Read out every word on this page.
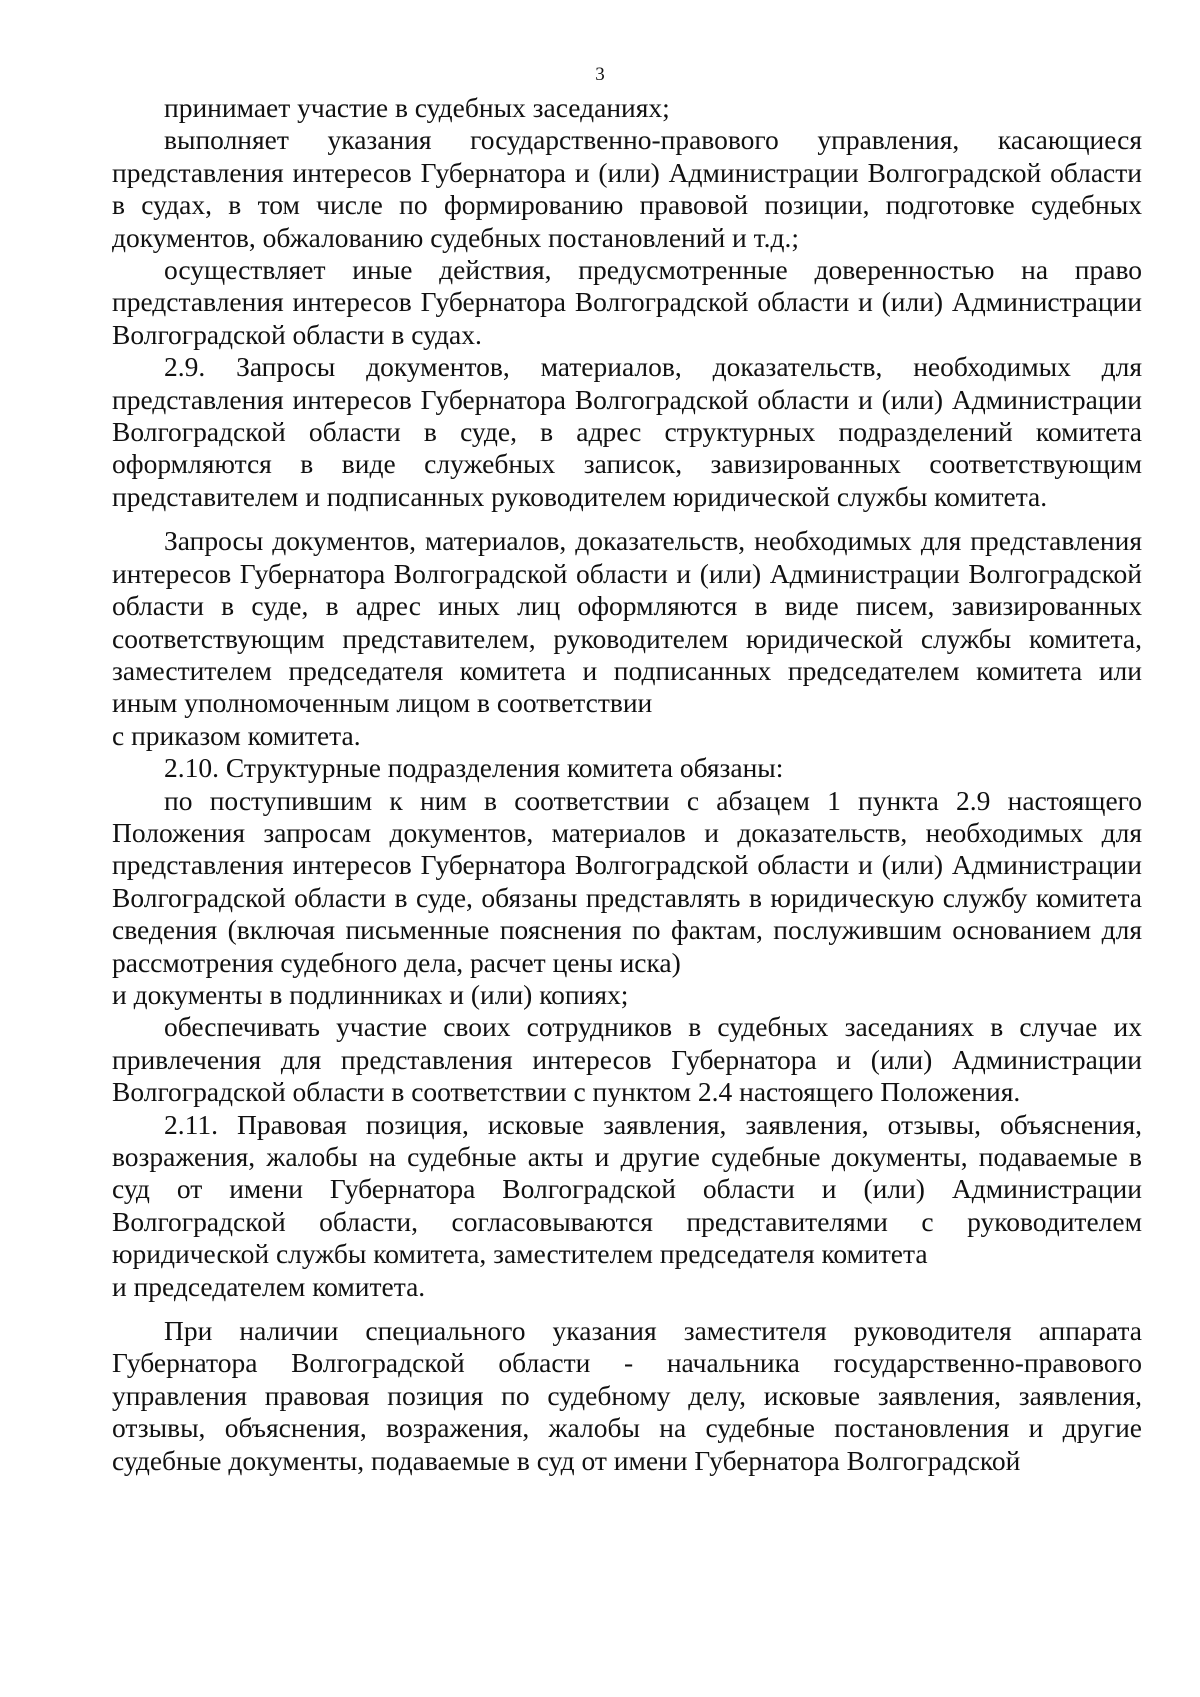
3

принимает участие в судебных заседаниях;

выполняет указания государственно-правового управления, касающиеся представления интересов Губернатора и (или) Администрации Волгоградской области в судах, в том числе по формированию правовой позиции, подготовке судебных документов, обжалованию судебных постановлений и т.д.;

осуществляет иные действия, предусмотренные доверенностью на право представления интересов Губернатора Волгоградской области и (или) Администрации Волгоградской области в судах.

2.9. Запросы документов, материалов, доказательств, необходимых для представления интересов Губернатора Волгоградской области и (или) Администрации Волгоградской области в суде, в адрес структурных подразделений комитета оформляются в виде служебных записок, завизированных соответствующим представителем и подписанных руководителем юридической службы комитета.

Запросы документов, материалов, доказательств, необходимых для представления интересов Губернатора Волгоградской области и (или) Администрации Волгоградской области в суде, в адрес иных лиц оформляются в виде писем, завизированных соответствующим представителем, руководителем юридической службы комитета, заместителем председателя комитета и подписанных председателем комитета или иным уполномоченным лицом в соответствии

с приказом комитета.

2.10. Структурные подразделения комитета обязаны:

по поступившим к ним в соответствии с абзацем 1 пункта 2.9 настоящего Положения запросам документов, материалов и доказательств, необходимых для представления интересов Губернатора Волгоградской области и (или) Администрации Волгоградской области в суде, обязаны представлять в юридическую службу комитета сведения (включая письменные пояснения по фактам, послужившим основанием для рассмотрения судебного дела, расчет цены иска)

и документы в подлинниках и (или) копиях;

обеспечивать участие своих сотрудников в судебных заседаниях в случае их привлечения для представления интересов Губернатора и (или) Администрации Волгоградской области в соответствии с пунктом 2.4 настоящего Положения.

2.11. Правовая позиция, исковые заявления, заявления, отзывы, объяснения, возражения, жалобы на судебные акты и другие судебные документы, подаваемые в суд от имени Губернатора Волгоградской области и (или) Администрации Волгоградской области, согласовываются представителями с руководителем юридической службы комитета, заместителем председателя комитета

и председателем комитета.

При наличии специального указания заместителя руководителя аппарата Губернатора Волгоградской области - начальника государственно-правового управления правовая позиция по судебному делу, исковые заявления, заявления, отзывы, объяснения, возражения, жалобы на судебные постановления и другие судебные документы, подаваемые в суд от имени Губернатора Волгоградской
